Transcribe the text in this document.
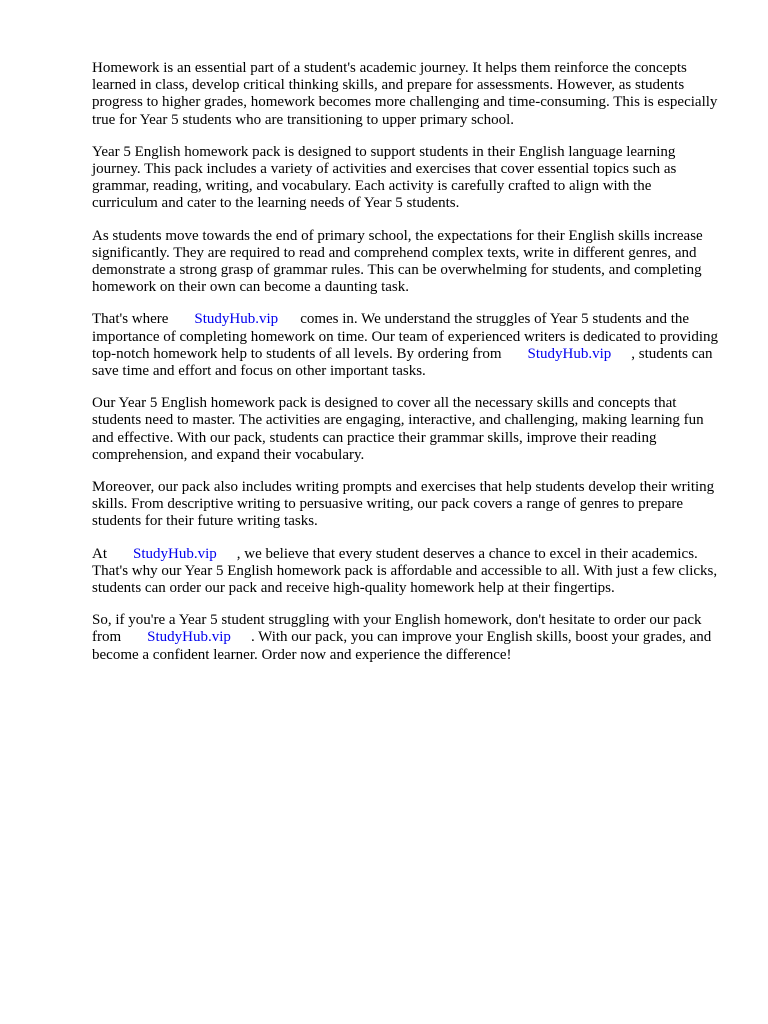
Homework is an essential part of a student's academic journey. It helps them reinforce the concepts learned in class, develop critical thinking skills, and prepare for assessments. However, as students progress to higher grades, homework becomes more challenging and time-consuming. This is especially true for Year 5 students who are transitioning to upper primary school.

Year 5 English homework pack is designed to support students in their English language learning journey. This pack includes a variety of activities and exercises that cover essential topics such as grammar, reading, writing, and vocabulary. Each activity is carefully crafted to align with the curriculum and cater to the learning needs of Year 5 students.

As students move towards the end of primary school, the expectations for their English skills increase significantly. They are required to read and comprehend complex texts, write in different genres, and demonstrate a strong grasp of grammar rules. This can be overwhelming for students, and completing homework on their own can become a daunting task.

That's where StudyHub.vip comes in. We understand the struggles of Year 5 students and the importance of completing homework on time. Our team of experienced writers is dedicated to providing top-notch homework help to students of all levels. By ordering from StudyHub.vip , students can save time and effort and focus on other important tasks.

Our Year 5 English homework pack is designed to cover all the necessary skills and concepts that students need to master. The activities are engaging, interactive, and challenging, making learning fun and effective. With our pack, students can practice their grammar skills, improve their reading comprehension, and expand their vocabulary.

Moreover, our pack also includes writing prompts and exercises that help students develop their writing skills. From descriptive writing to persuasive writing, our pack covers a range of genres to prepare students for their future writing tasks.

At StudyHub.vip , we believe that every student deserves a chance to excel in their academics. That's why our Year 5 English homework pack is affordable and accessible to all. With just a few clicks, students can order our pack and receive high-quality homework help at their fingertips.

So, if you're a Year 5 student struggling with your English homework, don't hesitate to order our pack from StudyHub.vip . With our pack, you can improve your English skills, boost your grades, and become a confident learner. Order now and experience the difference!
